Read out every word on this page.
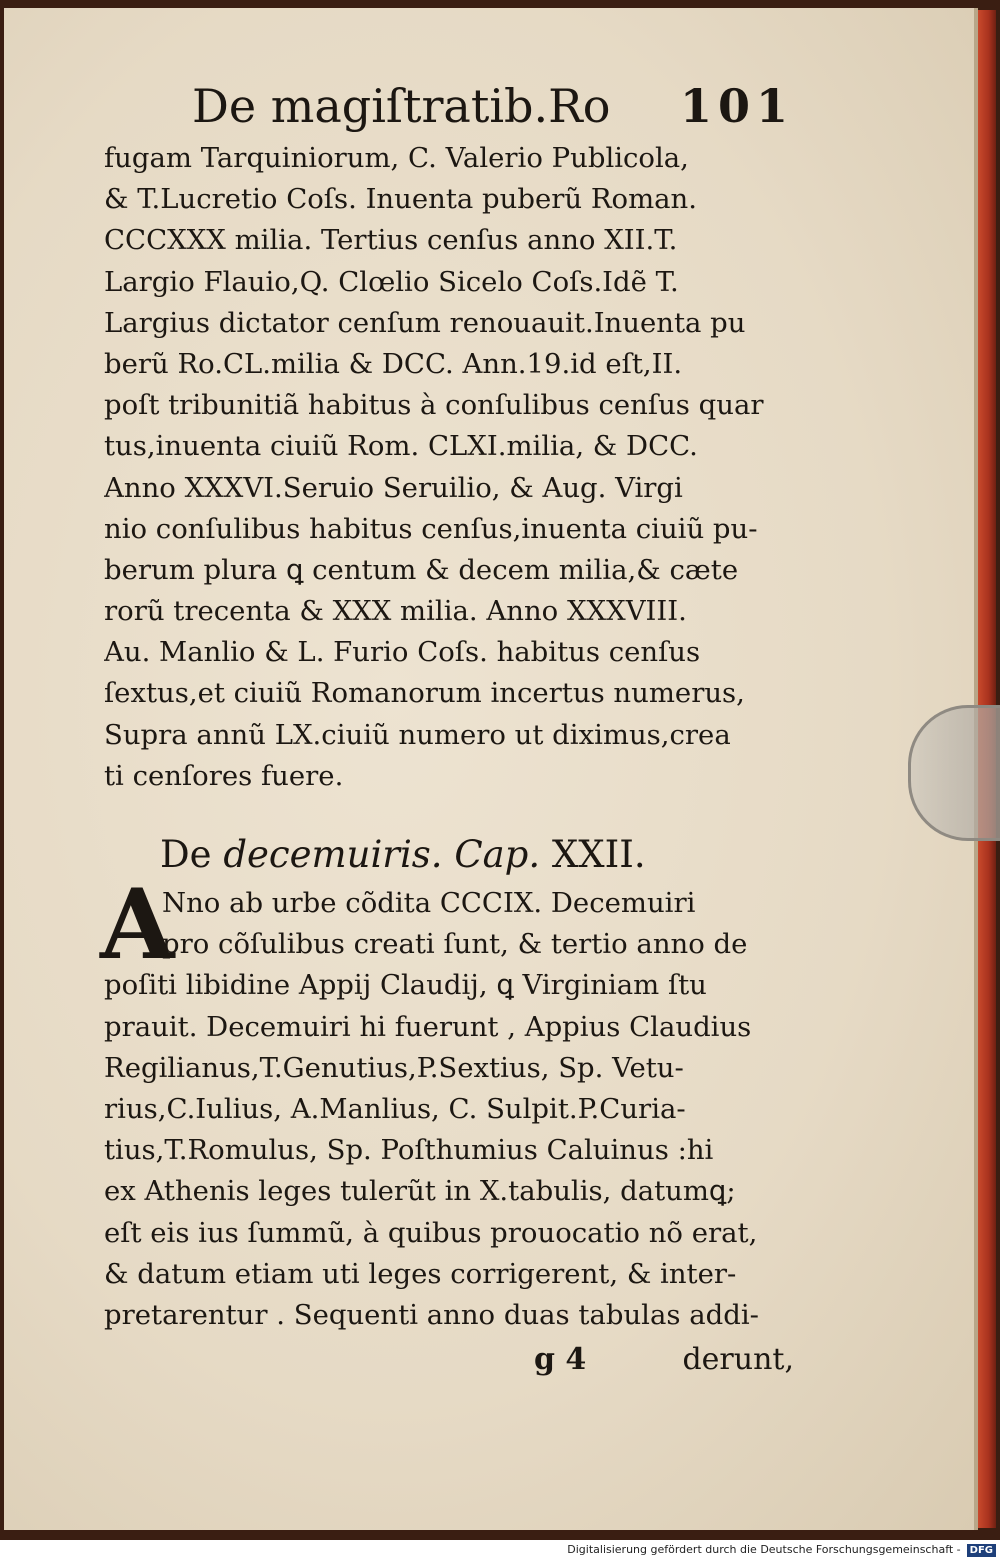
De magiſtratib.Ro 101
fugam Tarquiniorum, C. Valerio Publicola,
& T.Lucretio Coſs. Inuenta puberũ Roman.
CCCXXX milia. Tertius cenſus anno XII.T.
Largio Flauio,Q. Clœlio Sicelo Coſs.Idẽ T.
Largius dictator cenſum renouauit.Inuenta pu
berũ Ro.CL.milia & DCC. Ann.19.id eſt,II.
poſt tribunitiã habitus à conſulibus cenſus quar
tus,inuenta ciuiũ Rom. CLXI.milia, & DCC.
Anno XXXVI.Seruio Seruilio, & Aug. Virgi
nio conſulibus habitus cenſus,inuenta ciuiũ pu-
berum plura ꝗ centum & decem milia,& cæte
rorũ trecenta & XXX milia. Anno XXXVIII.
Au. Manlio & L. Furio Coſs. habitus cenſus
ſextus,et ciuiũ Romanorum incertus numerus,
Supra annũ LX.ciuiũ numero ut diximus,crea
ti cenſores fuere.
De decemuiris. Cap. XXII.
A
Nno ab urbe cõdita CCCIX. Decemuiri
pro cõſulibus creati ſunt, & tertio anno de
poſiti libidine Appij Claudij, ꝗ Virginiam ſtu
prauit. Decemuiri hi fuerunt , Appius Claudius
Regilianus,T.Genutius,P.Sextius, Sp. Vetu-
rius,C.Iulius, A.Manlius, C. Sulpit.P.Curia-
tius,T.Romulus, Sp. Poſthumius Caluinus :hi
ex Athenis leges tulerũt in X.tabulis, datumꝗ;
eſt eis ius ſummũ, à quibus prouocatio nõ erat,
& datum etiam uti leges corrigerent, & inter-
pretarentur . Sequenti anno duas tabulas addi-
g 4	derunt,
Digitalisierung gefördert durch die Deutsche Forschungsgemeinschaft - DFG
